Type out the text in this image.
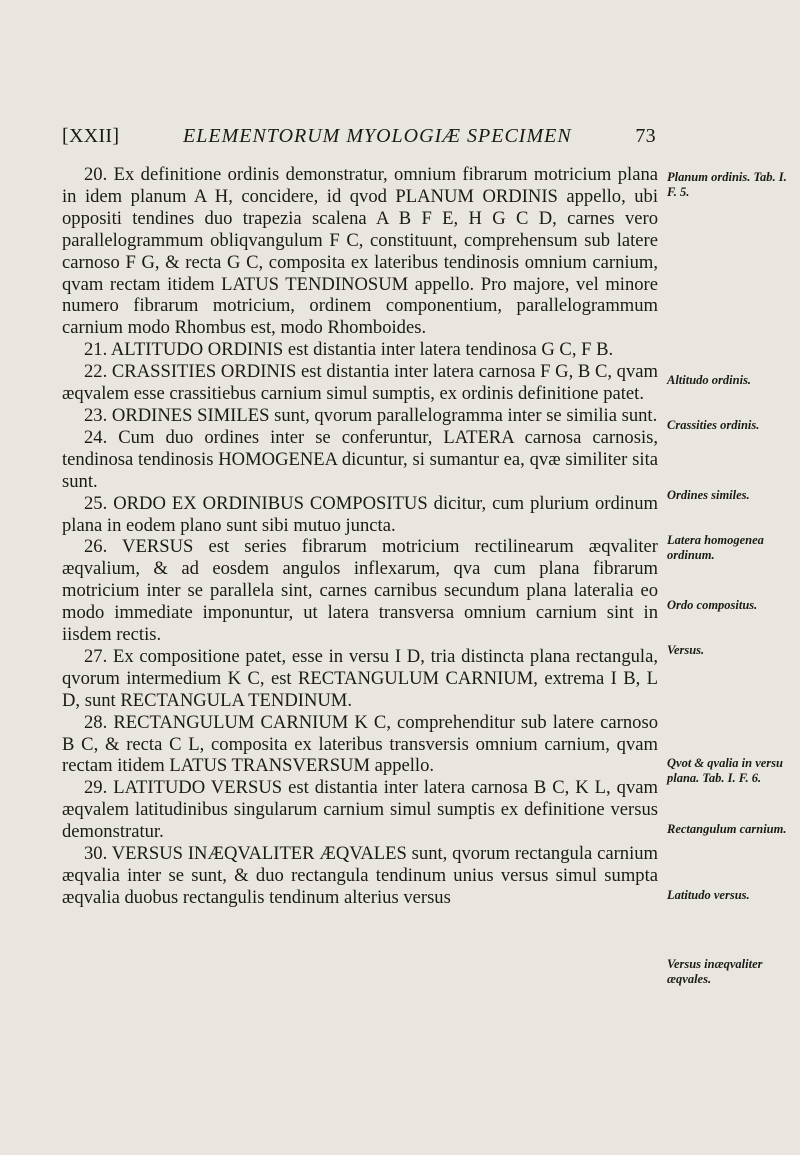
[XXII]	ELEMENTORUM MYOLOGIÆ SPECIMEN	73

20. Ex definitione ordinis demonstratur, omnium fibrarum motricium plana in idem planum A H, concidere, id qvod PLANUM ORDINIS appello, ubi oppositi tendines duo trapezia scalena A B F E, H G C D, carnes vero parallelogrammum obliqvangulum F C, constituunt, comprehensum sub latere carnoso F G, & recta G C, composita ex lateribus tendinosis omnium carnium, qvam rectam itidem LATUS TENDINOSUM appello. Pro majore, vel minore numero fibrarum motricium, ordinem componentium, parallelogrammum carnium modo Rhombus est, modo Rhomboides.

21. ALTITUDO ORDINIS est distantia inter latera tendinosa G C, F B.

22. CRASSITIES ORDINIS est distantia inter latera carnosa F G, B C, qvam æqvalem esse crassitiebus carnium simul sumptis, ex ordinis definitione patet.

23. ORDINES SIMILES sunt, qvorum parallelogramma inter se similia sunt.

24. Cum duo ordines inter se conferuntur, LATERA carnosa carnosis, tendinosa tendinosis HOMOGENEA dicuntur, si sumantur ea, qvæ similiter sita sunt.

25. ORDO EX ORDINIBUS COMPOSITUS dicitur, cum plurium ordinum plana in eodem plano sunt sibi mutuo juncta.

26. VERSUS est series fibrarum motricium rectilinearum æqvaliter æqvalium, & ad eosdem angulos inflexarum, qva cum plana fibrarum motricium inter se parallela sint, carnes carnibus secundum plana lateralia eo modo immediate imponuntur, ut latera transversa omnium carnium sint in iisdem rectis.

27. Ex compositione patet, esse in versu I D, tria distincta plana rectangula, qvorum intermedium K C, est RECTANGULUM CARNIUM, extrema I B, L D, sunt RECTANGULA TENDINUM.

28. RECTANGULUM CARNIUM K C, comprehenditur sub latere carnoso B C, & recta C L, composita ex lateribus transversis omnium carnium, qvam rectam itidem LATUS TRANSVERSUM appello.

29. LATITUDO VERSUS est distantia inter latera carnosa B C, K L, qvam æqvalem latitudinibus singularum carnium simul sumptis ex definitione versus demonstratur.

30. VERSUS INÆQVALITER ÆQVALES sunt, qvorum rectangula carnium æqvalia inter se sunt, & duo rectangula tendinum unius versus simul sumpta æqvalia duobus rectangulis tendinum alterius versus

Planum ordinis. Tab. I. F. 5.

Altitudo ordinis.

Crassities ordinis.

Ordines similes.

Latera homogenea ordinum.

Ordo compositus.

Versus.

Qvot & qvalia in versu plana. Tab. I. F. 6.

Rectangulum carnium.

Latitudo versus.

Versus inæqvaliter æqvales.
